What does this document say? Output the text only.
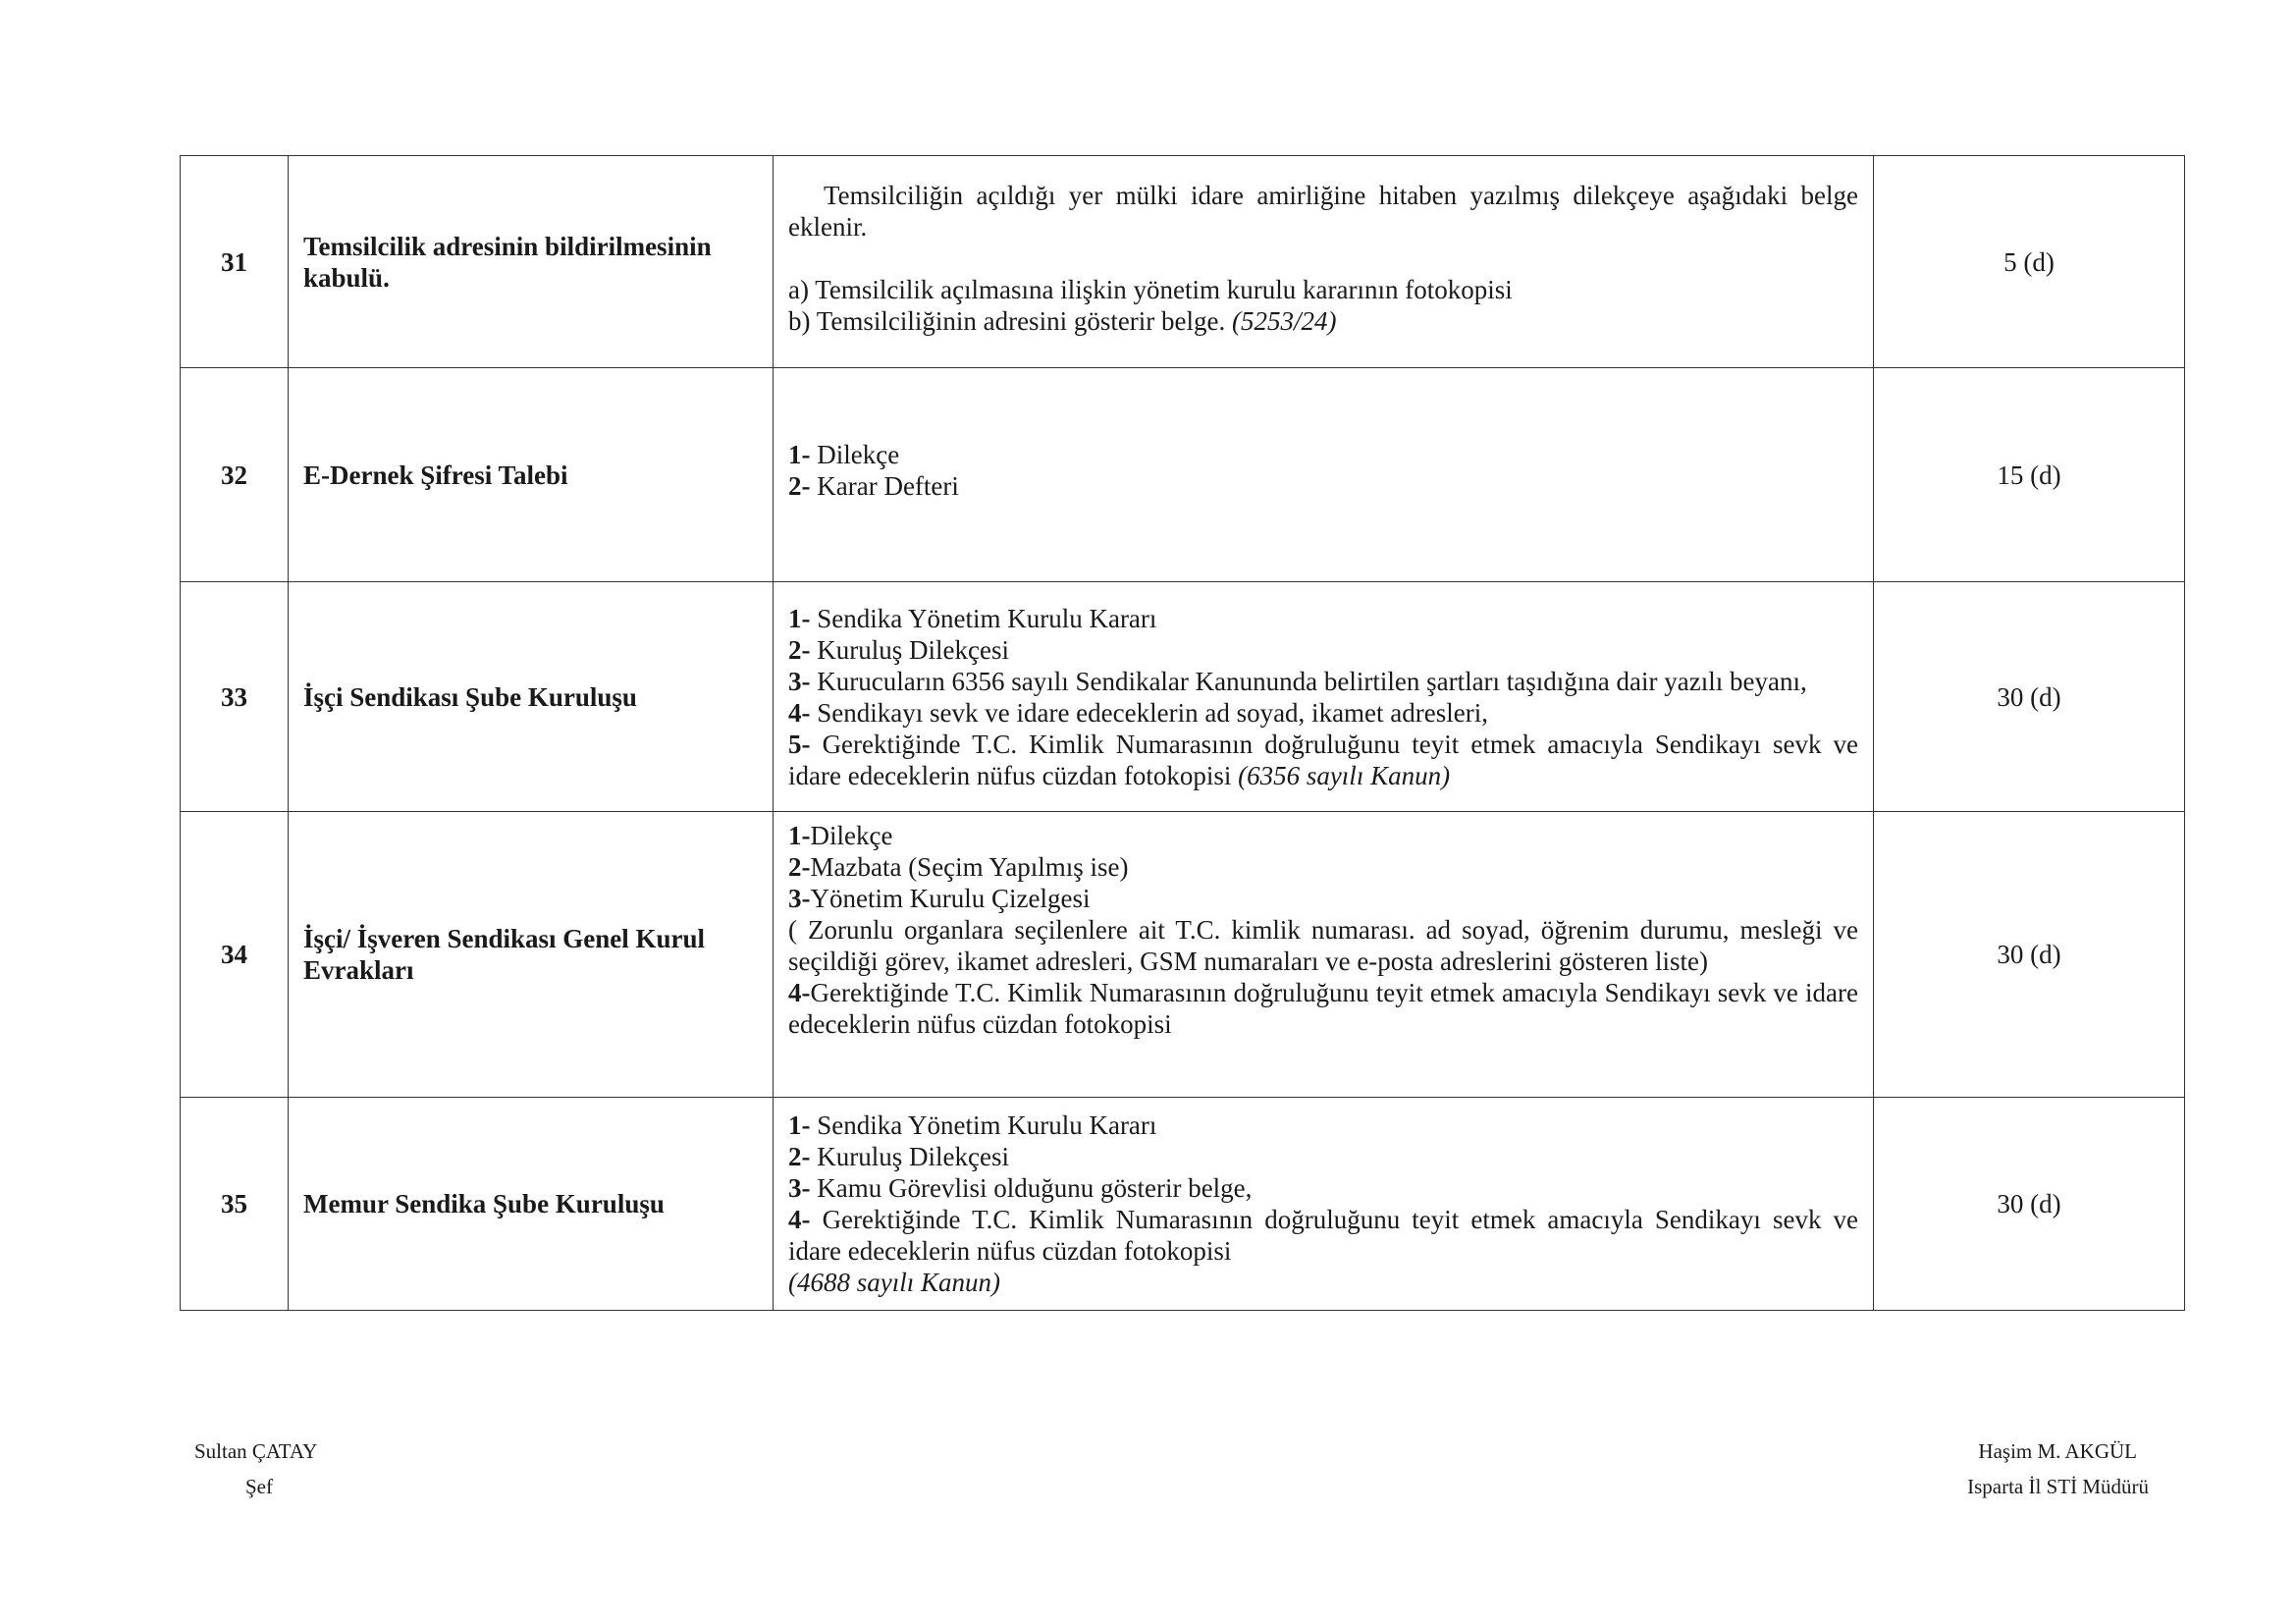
31	Temsilcilik adresinin bildirilmesinin kabulü.	Temsilciliğin açıldığı yer mülki idare amirliğine hitaben yazılmış dilekçeye aşağıdaki belge eklenir.
a) Temsilcilik açılmasına ilişkin yönetim kurulu kararının fotokopisi
b) Temsilciliğinin adresini gösterir belge. (5253/24)	5 (d)
32	E-Dernek Şifresi Talebi	1- Dilekçe
2- Karar Defteri	15 (d)
33	İşçi Sendikası Şube Kuruluşu	1- Sendika Yönetim Kurulu Kararı
2- Kuruluş Dilekçesi
3- Kurucuların 6356 sayılı Sendikalar Kanununda belirtilen şartları taşıdığına dair yazılı beyanı,
4- Sendikayı sevk ve idare edeceklerin ad soyad, ikamet adresleri,
5- Gerektiğinde T.C. Kimlik Numarasının doğruluğunu teyit etmek amacıyla Sendikayı sevk ve idare edeceklerin nüfus cüzdan fotokopisi (6356 sayılı Kanun)	30 (d)
34	İşçi/ İşveren Sendikası Genel Kurul Evrakları	1-Dilekçe
2-Mazbata (Seçim Yapılmış ise)
3-Yönetim Kurulu Çizelgesi
( Zorunlu organlara seçilenlere ait T.C. kimlik numarası. ad soyad, öğrenim durumu, mesleği ve seçildiği görev, ikamet adresleri, GSM numaraları ve e-posta adreslerini gösteren liste)
4-Gerektiğinde T.C. Kimlik Numarasının doğruluğunu teyit etmek amacıyla Sendikayı sevk ve idare edeceklerin nüfus cüzdan fotokopisi	30 (d)
35	Memur Sendika Şube Kuruluşu	1- Sendika Yönetim Kurulu Kararı
2- Kuruluş Dilekçesi
3- Kamu Görevlisi olduğunu gösterir belge,
4- Gerektiğinde T.C. Kimlik Numarasının doğruluğunu teyit etmek amacıyla Sendikayı sevk ve idare edeceklerin nüfus cüzdan fotokopisi
(4688 sayılı Kanun)	30 (d)
Sultan ÇATAY
Şef
Haşim M. AKGÜL
Isparta İl STİ Müdürü
